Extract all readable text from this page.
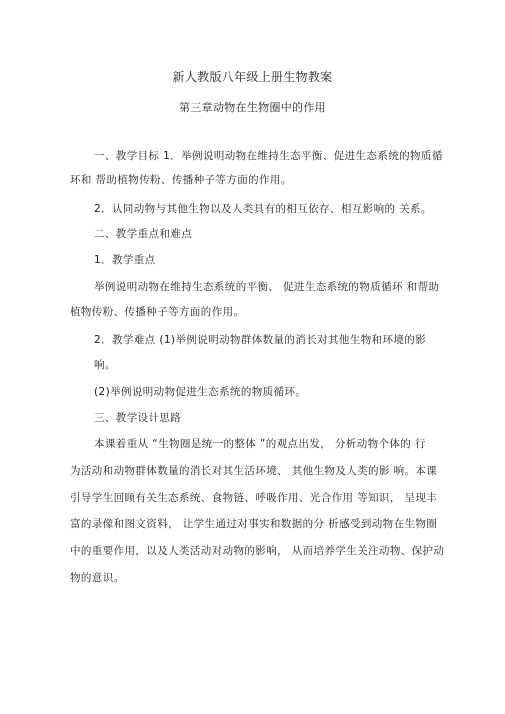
新人教版八年级上册生物教案
第三章动物在生物圈中的作用
一、教学目标 1．举例说明动物在维持生态平衡、促进生态系统的物质循
环和 帮助植物传粉、传播种子等方面的作用。
2．认同动物与其他生物以及人类具有的相互依存、相互影响的 关系。
二、教学重点和难点
1．教学重点
举例说明动物在维持生态系统的平衡、 促进生态系统的物质循环 和帮助
植物传粉、传播种子等方面的作用。
2．教学难点 (1)举例说明动物群体数量的消长对其他生物和环境的影
响。
(2)举例说明动物促进生态系统的物质循环。
三、教学设计思路
本课着重从 “生物圈是统一的整体 ”的观点出发， 分析动物个体的 行
为活动和动物群体数量的消长对其生活环境、 其他生物及人类的影 响。本课
引导学生回顾有关生态系统、食物链、呼吸作用、光合作用 等知识， 呈现丰
富的录像和图文资料， 让学生通过对事实和数据的分 析感受到动物在生物圈
中的重要作用，以及人类活动对动物的影响， 从而培养学生关注动物、保护动
物的意识。
